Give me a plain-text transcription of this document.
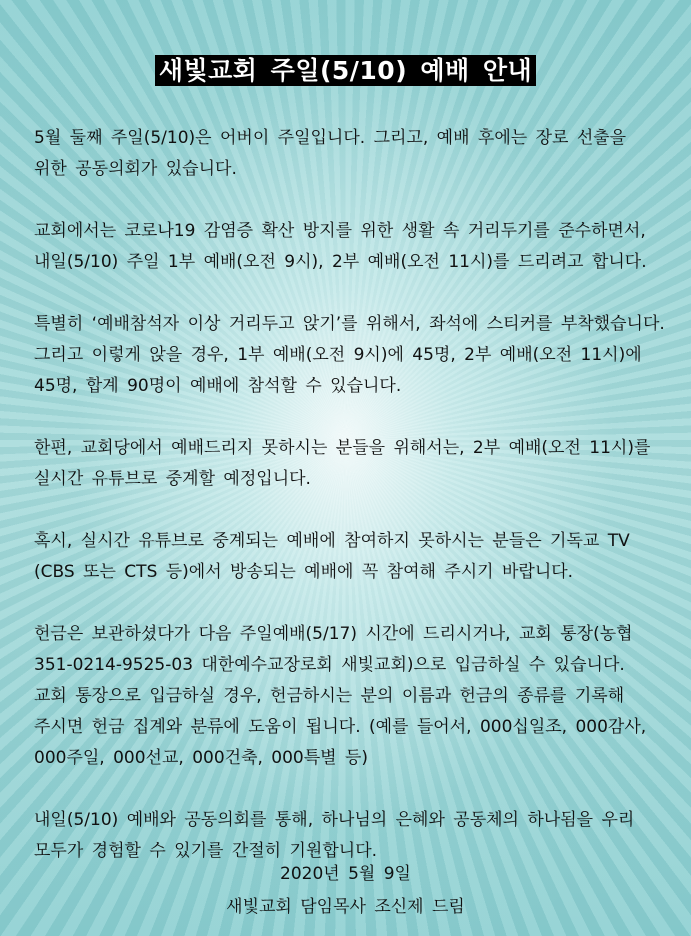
새빛교회 주일(5/10) 예배 안내
5월 둘째 주일(5/10)은 어버이 주일입니다. 그리고, 예배 후에는 장로 선출을
위한 공동의회가 있습니다.
교회에서는 코로나19 감염증 확산 방지를 위한 생활 속 거리두기를 준수하면서,
내일(5/10) 주일 1부 예배(오전 9시), 2부 예배(오전 11시)를 드리려고 합니다.
특별히 ‘예배참석자 이상 거리두고 앉기’를 위해서, 좌석에 스티커를 부착했습니다.
그리고 이렇게 앉을 경우, 1부 예배(오전 9시)에 45명, 2부 예배(오전 11시)에
45명, 합계 90명이 예배에 참석할 수 있습니다.
한편, 교회당에서 예배드리지 못하시는 분들을 위해서는, 2부 예배(오전 11시)를
실시간 유튜브로 중계할 예정입니다.
혹시, 실시간 유튜브로 중계되는 예배에 참여하지 못하시는 분들은 기독교 TV
(CBS 또는 CTS 등)에서 방송되는 예배에 꼭 참여해 주시기 바랍니다.
헌금은 보관하셨다가 다음 주일예배(5/17) 시간에 드리시거나, 교회 통장(농협
351-0214-9525-03 대한예수교장로회 새빛교회)으로 입금하실 수 있습니다.
교회 통장으로 입금하실 경우, 헌금하시는 분의 이름과 헌금의 종류를 기록해
주시면 헌금 집계와 분류에 도움이 됩니다. (예를 들어서, 000십일조, 000감사,
000주일, 000선교, 000건축, 000특별 등)
내일(5/10) 예배와 공동의회를 통해, 하나님의 은혜와 공동체의 하나됨을 우리
모두가 경험할 수 있기를 간절히 기원합니다.
2020년 5월 9일
새빛교회 담임목사 조신제 드림
